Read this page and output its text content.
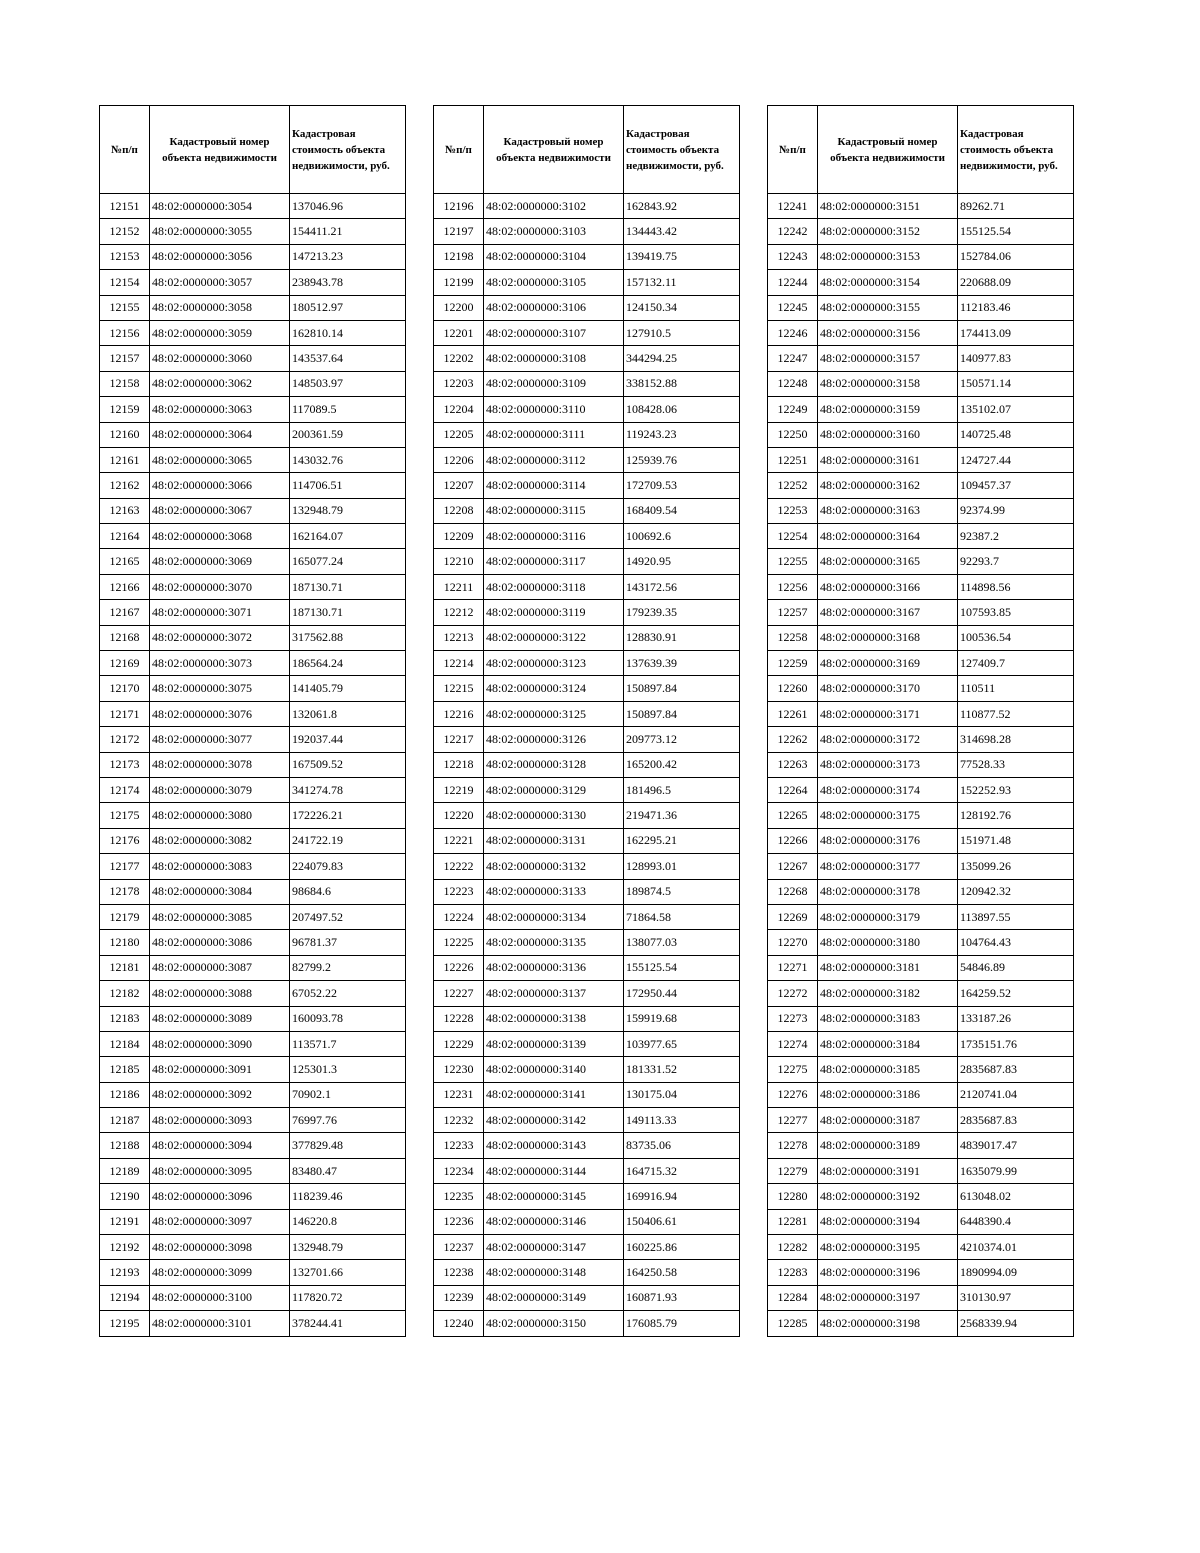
№п/п	Кадастровый номер объекта недвижимости	Кадастровая стоимость объекта недвижимости, руб.
12151	48:02:0000000:3054	137046.96
12152	48:02:0000000:3055	154411.21
12153	48:02:0000000:3056	147213.23
12154	48:02:0000000:3057	238943.78
12155	48:02:0000000:3058	180512.97
12156	48:02:0000000:3059	162810.14
12157	48:02:0000000:3060	143537.64
12158	48:02:0000000:3062	148503.97
12159	48:02:0000000:3063	117089.5
12160	48:02:0000000:3064	200361.59
12161	48:02:0000000:3065	143032.76
12162	48:02:0000000:3066	114706.51
12163	48:02:0000000:3067	132948.79
12164	48:02:0000000:3068	162164.07
12165	48:02:0000000:3069	165077.24
12166	48:02:0000000:3070	187130.71
12167	48:02:0000000:3071	187130.71
12168	48:02:0000000:3072	317562.88
12169	48:02:0000000:3073	186564.24
12170	48:02:0000000:3075	141405.79
12171	48:02:0000000:3076	132061.8
12172	48:02:0000000:3077	192037.44
12173	48:02:0000000:3078	167509.52
12174	48:02:0000000:3079	341274.78
12175	48:02:0000000:3080	172226.21
12176	48:02:0000000:3082	241722.19
12177	48:02:0000000:3083	224079.83
12178	48:02:0000000:3084	98684.6
12179	48:02:0000000:3085	207497.52
12180	48:02:0000000:3086	96781.37
12181	48:02:0000000:3087	82799.2
12182	48:02:0000000:3088	67052.22
12183	48:02:0000000:3089	160093.78
12184	48:02:0000000:3090	113571.7
12185	48:02:0000000:3091	125301.3
12186	48:02:0000000:3092	70902.1
12187	48:02:0000000:3093	76997.76
12188	48:02:0000000:3094	377829.48
12189	48:02:0000000:3095	83480.47
12190	48:02:0000000:3096	118239.46
12191	48:02:0000000:3097	146220.8
12192	48:02:0000000:3098	132948.79
12193	48:02:0000000:3099	132701.66
12194	48:02:0000000:3100	117820.72
12195	48:02:0000000:3101	378244.41
№п/п	Кадастровый номер объекта недвижимости	Кадастровая стоимость объекта недвижимости, руб.
12196	48:02:0000000:3102	162843.92
12197	48:02:0000000:3103	134443.42
12198	48:02:0000000:3104	139419.75
12199	48:02:0000000:3105	157132.11
12200	48:02:0000000:3106	124150.34
12201	48:02:0000000:3107	127910.5
12202	48:02:0000000:3108	344294.25
12203	48:02:0000000:3109	338152.88
12204	48:02:0000000:3110	108428.06
12205	48:02:0000000:3111	119243.23
12206	48:02:0000000:3112	125939.76
12207	48:02:0000000:3114	172709.53
12208	48:02:0000000:3115	168409.54
12209	48:02:0000000:3116	100692.6
12210	48:02:0000000:3117	14920.95
12211	48:02:0000000:3118	143172.56
12212	48:02:0000000:3119	179239.35
12213	48:02:0000000:3122	128830.91
12214	48:02:0000000:3123	137639.39
12215	48:02:0000000:3124	150897.84
12216	48:02:0000000:3125	150897.84
12217	48:02:0000000:3126	209773.12
12218	48:02:0000000:3128	165200.42
12219	48:02:0000000:3129	181496.5
12220	48:02:0000000:3130	219471.36
12221	48:02:0000000:3131	162295.21
12222	48:02:0000000:3132	128993.01
12223	48:02:0000000:3133	189874.5
12224	48:02:0000000:3134	71864.58
12225	48:02:0000000:3135	138077.03
12226	48:02:0000000:3136	155125.54
12227	48:02:0000000:3137	172950.44
12228	48:02:0000000:3138	159919.68
12229	48:02:0000000:3139	103977.65
12230	48:02:0000000:3140	181331.52
12231	48:02:0000000:3141	130175.04
12232	48:02:0000000:3142	149113.33
12233	48:02:0000000:3143	83735.06
12234	48:02:0000000:3144	164715.32
12235	48:02:0000000:3145	169916.94
12236	48:02:0000000:3146	150406.61
12237	48:02:0000000:3147	160225.86
12238	48:02:0000000:3148	164250.58
12239	48:02:0000000:3149	160871.93
12240	48:02:0000000:3150	176085.79
№п/п	Кадастровый номер объекта недвижимости	Кадастровая стоимость объекта недвижимости, руб.
12241	48:02:0000000:3151	89262.71
12242	48:02:0000000:3152	155125.54
12243	48:02:0000000:3153	152784.06
12244	48:02:0000000:3154	220688.09
12245	48:02:0000000:3155	112183.46
12246	48:02:0000000:3156	174413.09
12247	48:02:0000000:3157	140977.83
12248	48:02:0000000:3158	150571.14
12249	48:02:0000000:3159	135102.07
12250	48:02:0000000:3160	140725.48
12251	48:02:0000000:3161	124727.44
12252	48:02:0000000:3162	109457.37
12253	48:02:0000000:3163	92374.99
12254	48:02:0000000:3164	92387.2
12255	48:02:0000000:3165	92293.7
12256	48:02:0000000:3166	114898.56
12257	48:02:0000000:3167	107593.85
12258	48:02:0000000:3168	100536.54
12259	48:02:0000000:3169	127409.7
12260	48:02:0000000:3170	110511
12261	48:02:0000000:3171	110877.52
12262	48:02:0000000:3172	314698.28
12263	48:02:0000000:3173	77528.33
12264	48:02:0000000:3174	152252.93
12265	48:02:0000000:3175	128192.76
12266	48:02:0000000:3176	151971.48
12267	48:02:0000000:3177	135099.26
12268	48:02:0000000:3178	120942.32
12269	48:02:0000000:3179	113897.55
12270	48:02:0000000:3180	104764.43
12271	48:02:0000000:3181	54846.89
12272	48:02:0000000:3182	164259.52
12273	48:02:0000000:3183	133187.26
12274	48:02:0000000:3184	1735151.76
12275	48:02:0000000:3185	2835687.83
12276	48:02:0000000:3186	2120741.04
12277	48:02:0000000:3187	2835687.83
12278	48:02:0000000:3189	4839017.47
12279	48:02:0000000:3191	1635079.99
12280	48:02:0000000:3192	613048.02
12281	48:02:0000000:3194	6448390.4
12282	48:02:0000000:3195	4210374.01
12283	48:02:0000000:3196	1890994.09
12284	48:02:0000000:3197	310130.97
12285	48:02:0000000:3198	2568339.94
